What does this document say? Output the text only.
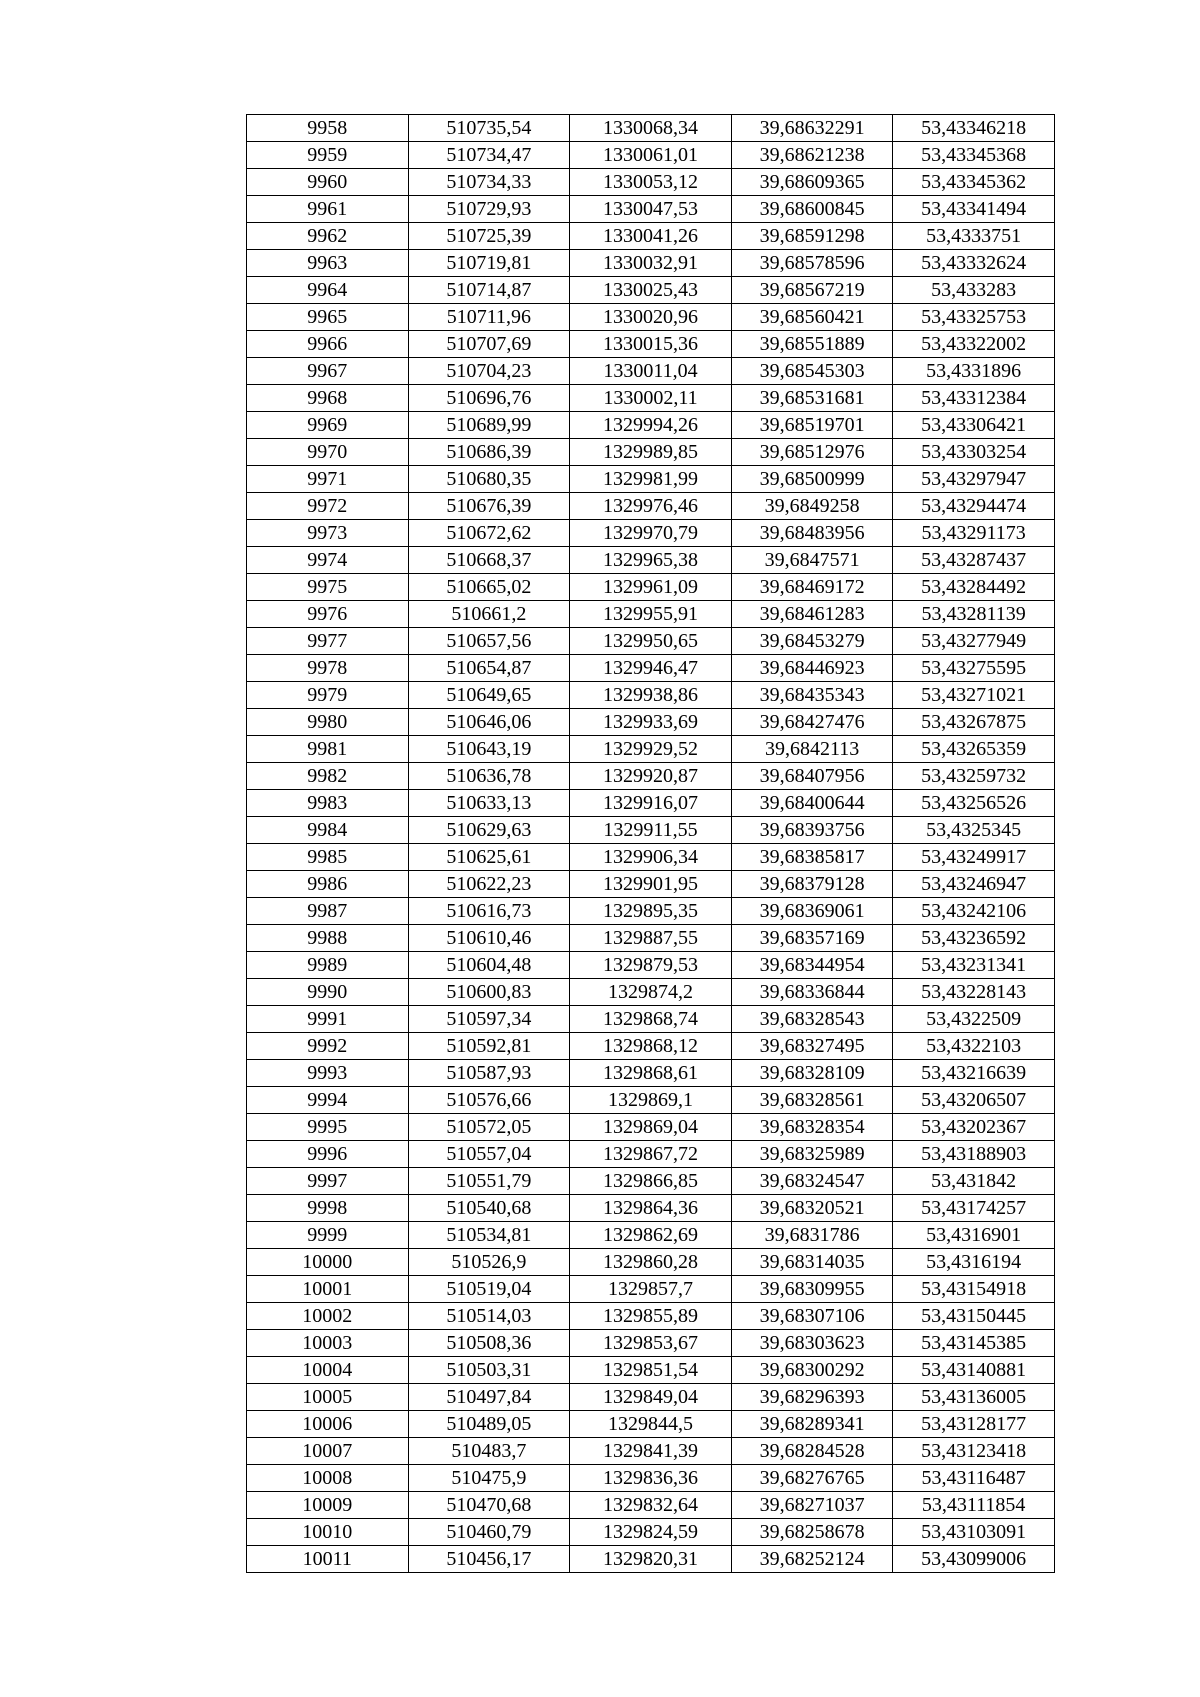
9958	510735,54	1330068,34	39,68632291	53,43346218
9959	510734,47	1330061,01	39,68621238	53,43345368
9960	510734,33	1330053,12	39,68609365	53,43345362
9961	510729,93	1330047,53	39,68600845	53,43341494
9962	510725,39	1330041,26	39,68591298	53,4333751
9963	510719,81	1330032,91	39,68578596	53,43332624
9964	510714,87	1330025,43	39,68567219	53,433283
9965	510711,96	1330020,96	39,68560421	53,43325753
9966	510707,69	1330015,36	39,68551889	53,43322002
9967	510704,23	1330011,04	39,68545303	53,4331896
9968	510696,76	1330002,11	39,68531681	53,43312384
9969	510689,99	1329994,26	39,68519701	53,43306421
9970	510686,39	1329989,85	39,68512976	53,43303254
9971	510680,35	1329981,99	39,68500999	53,43297947
9972	510676,39	1329976,46	39,6849258	53,43294474
9973	510672,62	1329970,79	39,68483956	53,43291173
9974	510668,37	1329965,38	39,6847571	53,43287437
9975	510665,02	1329961,09	39,68469172	53,43284492
9976	510661,2	1329955,91	39,68461283	53,43281139
9977	510657,56	1329950,65	39,68453279	53,43277949
9978	510654,87	1329946,47	39,68446923	53,43275595
9979	510649,65	1329938,86	39,68435343	53,43271021
9980	510646,06	1329933,69	39,68427476	53,43267875
9981	510643,19	1329929,52	39,6842113	53,43265359
9982	510636,78	1329920,87	39,68407956	53,43259732
9983	510633,13	1329916,07	39,68400644	53,43256526
9984	510629,63	1329911,55	39,68393756	53,4325345
9985	510625,61	1329906,34	39,68385817	53,43249917
9986	510622,23	1329901,95	39,68379128	53,43246947
9987	510616,73	1329895,35	39,68369061	53,43242106
9988	510610,46	1329887,55	39,68357169	53,43236592
9989	510604,48	1329879,53	39,68344954	53,43231341
9990	510600,83	1329874,2	39,68336844	53,43228143
9991	510597,34	1329868,74	39,68328543	53,4322509
9992	510592,81	1329868,12	39,68327495	53,4322103
9993	510587,93	1329868,61	39,68328109	53,43216639
9994	510576,66	1329869,1	39,68328561	53,43206507
9995	510572,05	1329869,04	39,68328354	53,43202367
9996	510557,04	1329867,72	39,68325989	53,43188903
9997	510551,79	1329866,85	39,68324547	53,431842
9998	510540,68	1329864,36	39,68320521	53,43174257
9999	510534,81	1329862,69	39,6831786	53,4316901
10000	510526,9	1329860,28	39,68314035	53,4316194
10001	510519,04	1329857,7	39,68309955	53,43154918
10002	510514,03	1329855,89	39,68307106	53,43150445
10003	510508,36	1329853,67	39,68303623	53,43145385
10004	510503,31	1329851,54	39,68300292	53,43140881
10005	510497,84	1329849,04	39,68296393	53,43136005
10006	510489,05	1329844,5	39,68289341	53,43128177
10007	510483,7	1329841,39	39,68284528	53,43123418
10008	510475,9	1329836,36	39,68276765	53,43116487
10009	510470,68	1329832,64	39,68271037	53,43111854
10010	510460,79	1329824,59	39,68258678	53,43103091
10011	510456,17	1329820,31	39,68252124	53,43099006
